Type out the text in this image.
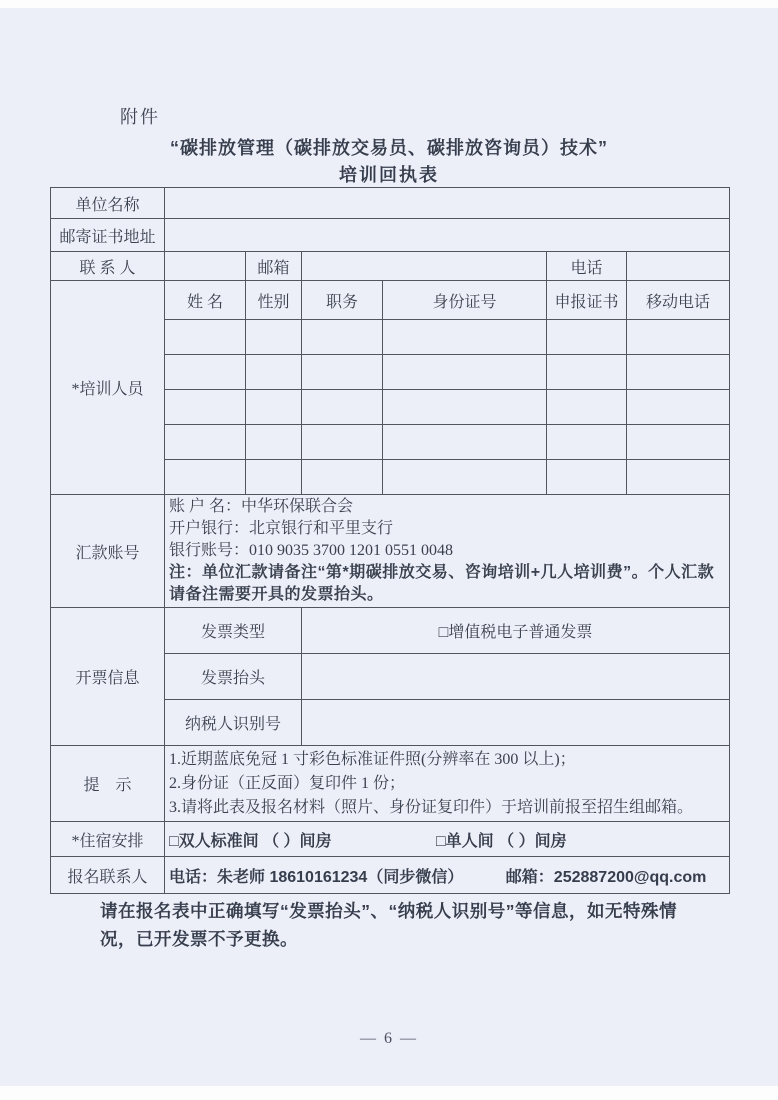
附件
“碳排放管理（碳排放交易员、碳排放咨询员）技术”
培训回执表
单位名称						
邮寄证书地址						
联 系 人		邮箱			电话	
*培训人员	姓 名	性别	职务	身份证号	申报证书	移动电话

汇款账号	账 户 名：中华环保联合会
开户银行：北京银行和平里支行
银行账号：010 9035 3700 1201 0551 0048
注：单位汇款请备注“第*期碳排放交易、咨询培训+几人培训费”。个人汇款请备注需要开具的发票抬头。					

开票信息	发票类型		□增值税电子普通发票			
	发票抬头					
	纳税人识别号					
提　示	1.近期蓝底免冠 1 寸彩色标准证件照(分辨率在 300 以上)；
2.身份证（正反面）复印件 1 份；
3.请将此表及报名材料（照片、身份证复印件）于培训前报至招生组邮箱。					

*住宿安排	□双人标准间 （ ）间房 □单人间 （ ）间房					
报名联系人	电话：朱老师 18610161234（同步微信） 邮箱：252887200@qq.com					
请在报名表中正确填写“发票抬头”、“纳税人识别号”等信息，如无特殊情况，已开发票不予更换。
— 6 —
